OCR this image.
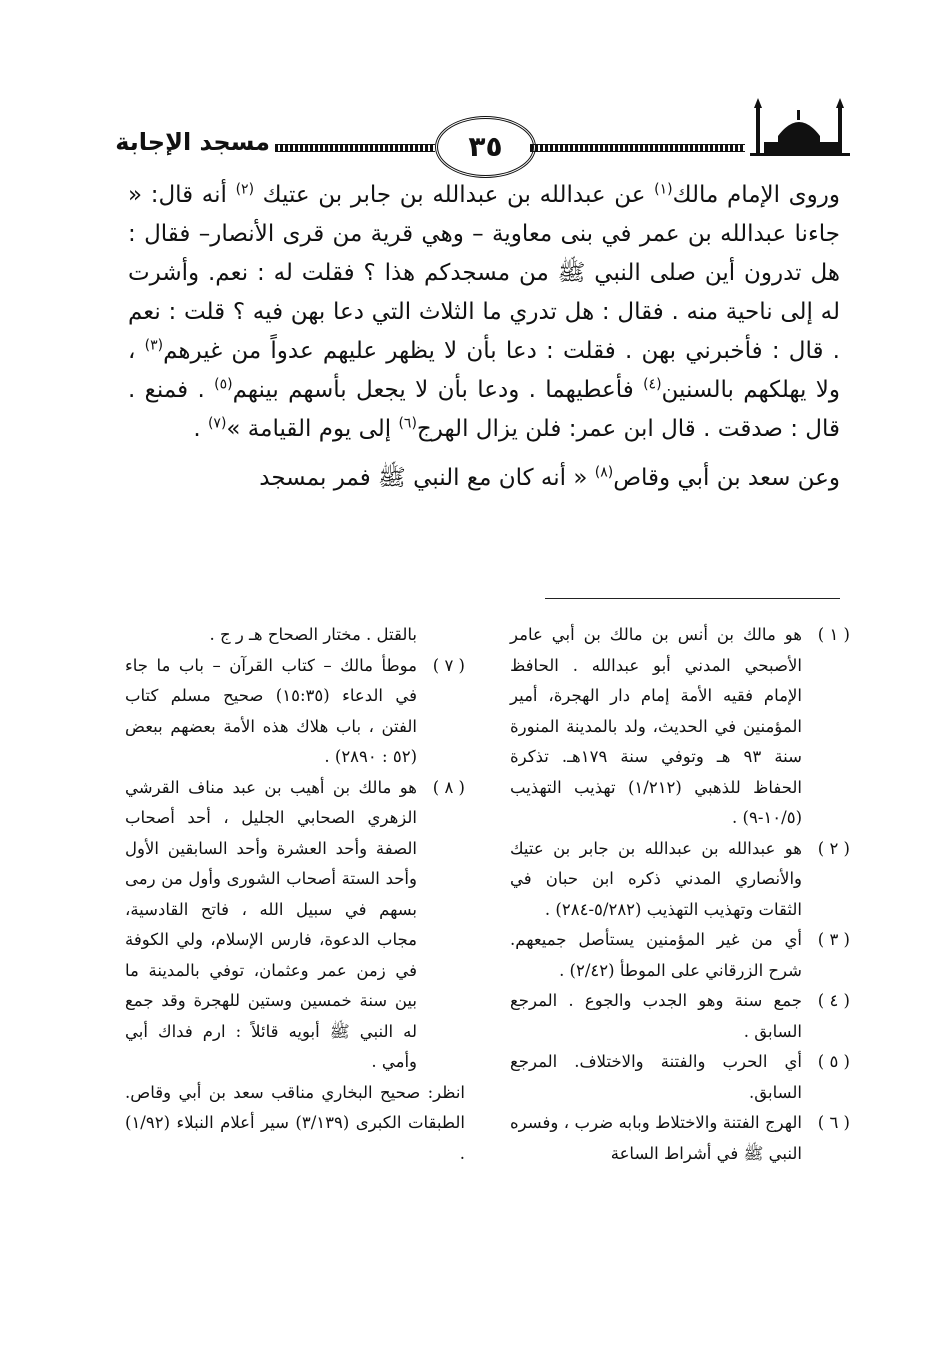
٣٥
مسجد الإجابة

وروى الإمام مالك$^{(١)}$ عن عبدالله بن عبدالله بن جابر بن عتيك $^{(٢)}$ أنه قال: « جاءنا عبدالله بن عمر في بنى معاوية – وهي قرية من قرى الأنصار– فقال : هل تدرون أين صلى النبي ﷺ من مسجدكم هذا ؟ فقلت له : نعم. وأشرت له إلى ناحية منه . فقال : هل تدري ما الثلاث التي دعا بهن فيه ؟ قلت : نعم . قال : فأخبرني بهن . فقلت : دعا بأن لا يظهر عليهم عدواً من غيرهم$^{(٣)}$ ، ولا يهلكهم بالسنين$^{(٤)}$ فأعطيهما . ودعا بأن لا يجعل بأسهم بينهم$^{(٥)}$ . فمنع . قال : صدقت . قال ابن عمر: فلن يزال الهرج$^{(٦)}$ إلى يوم القيامة »$^{(٧)}$ .

وعن سعد بن أبي وقاص$^{(٨)}$ « أنه كان مع النبي ﷺ فمر بمسجد

( ١ )
هو مالك بن أنس بن مالك بن أبي عامر الأصبحي المدني أبو عبدالله . الحافظ الإمام فقيه الأمة إمام دار الهجرة، أمير المؤمنين في الحديث، ولد بالمدينة المنورة سنة ٩٣ هـ وتوفي سنة ١٧٩هـ. تذكرة الحفاظ للذهبي (١/٢١٢) تهذيب التهذيب (١٠/٥-٩) .
( ٢ )
هو عبدالله بن عبدالله بن جابر بن عتيك والأنصاري المدني ذكره ابن حبان في الثقات وتهذيب التهذيب (٥/٢٨٢-٢٨٤) .
( ٣ )
أي من غير المؤمنين يستأصل جميعهم. شرح الزرقاني على الموطأ (٢/٤٢) .
( ٤ )
جمع سنة وهو الجدب والجوع . المرجع السابق .
( ٥ )
أي الحرب والفتنة والاختلاف. المرجع السابق.
( ٦ )
الهرج الفتنة والاختلاط وبابه ضرب ، وفسره النبي ﷺ في أشراط الساعة
بالقتل . مختار الصحاح هـ ر ج .
( ٧ )
موطأ مالك – كتاب القرآن – باب ما جاء في الدعاء (١٥:٣٥) صحيح مسلم كتاب الفتن ، باب هلاك هذه الأمة بعضهم ببعض (٥٢ : ٢٨٩٠) .
( ٨ )
هو مالك بن أهيب بن عبد مناف القرشي الزهري الصحابي الجليل ، أحد أصحاب الصفة وأحد العشرة وأحد السابقين الأول وأحد الستة أصحاب الشورى وأول من رمى بسهم في سبيل الله ، فاتح القادسية، مجاب الدعوة، فارس الإسلام، ولي الكوفة في زمن عمر وعثمان، توفي بالمدينة ما بين سنة خمسين وستين للهجرة وقد جمع له النبي ﷺ أبويه قائلاً : ارم فداك أبي وأمي .
انظر: صحيح البخاري مناقب سعد بن أبي وقاص. الطبقات الكبرى (٣/١٣٩) سير أعلام النبلاء (١/٩٢) .
